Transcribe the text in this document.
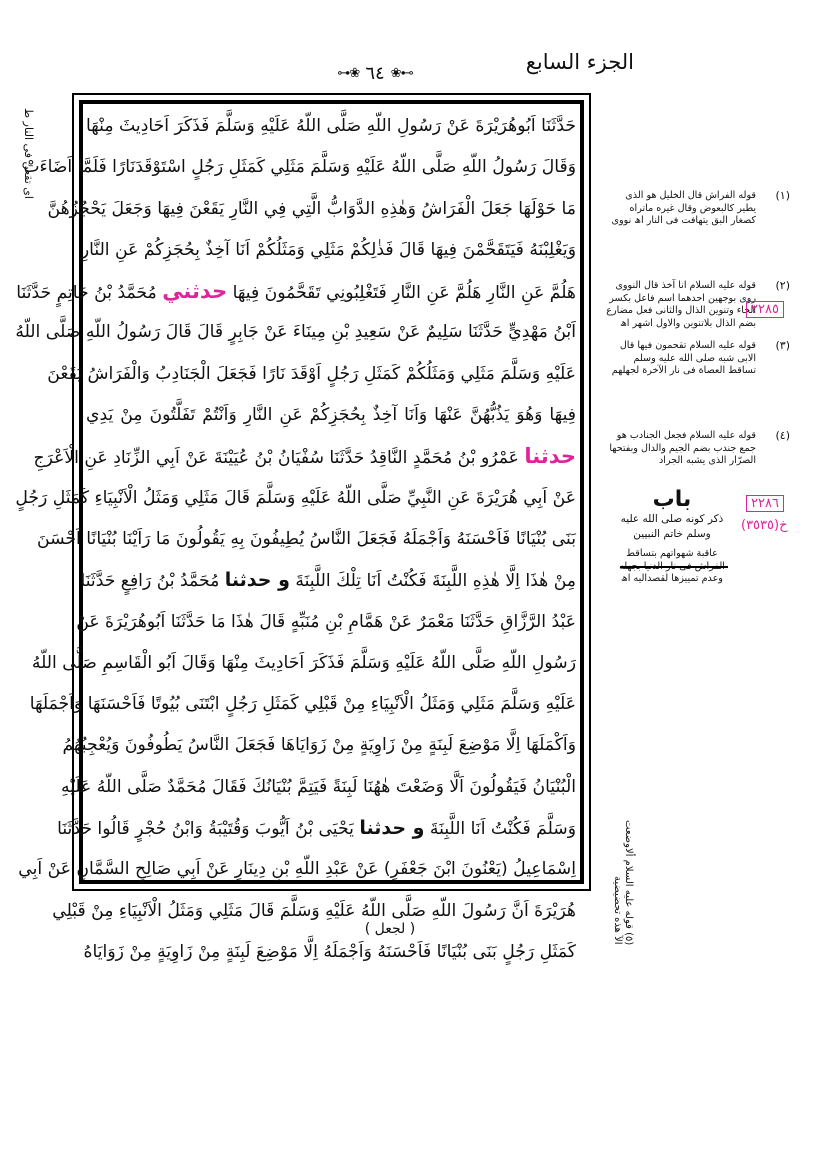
الجزء السابع
⊶❀ ٦٤ ❀⊷
ای تقعن فی النار ط	حَدَّثَنَا اَبُوهُرَيْرَةَ عَنْ رَسُولِ اللّهِ صَلَّى اللّهُ عَلَيْهِ وَسَلَّمَ فَذَكَرَ اَحَادِيثَ مِنْهَا
وَقَالَ رَسُولُ اللّهِ صَلَّى اللّهُ عَلَيْهِ وَسَلَّمَ مَثَلِي كَمَثَلِ رَجُلٍ اسْتَوْقَدَنَارًا فَلَمَّا اَضَاءَتْ
مَا حَوْلَهَا جَعَلَ الْفَرَاشُ وَهٰذِهِ الدَّوَابُّ الَّتِي فِي النَّارِ يَقَعْنَ فِيهَا وَجَعَلَ يَحْجُزُهُنَّ
وَيَغْلِبْنَهُ فَيَتَقَحَّمْنَ فِيهَا قَالَ فَذٰلِكُمْ مَثَلِي وَمَثَلُكُمْ اَنَا آخِذٌ بِحُجَزِكُمْ عَنِ النَّارِ
هَلُمَّ عَنِ النَّارِ هَلُمَّ عَنِ النَّارِ فَتَغْلِبُونِي تَقَحَّمُونَ فِيهَا حدثني مُحَمَّدُ بْنُ حَاتِمٍ حَدَّثَنَا
اَبْنُ مَهْدِيٍّ حَدَّثَنَا سَلِيمٌ عَنْ سَعِيدِ بْنِ مِينَاءَ عَنْ جَابِرٍ قَالَ قَالَ رَسُولُ اللّهِ صَلَّى اللّهُ
عَلَيْهِ وَسَلَّمَ مَثَلِي وَمَثَلُكُمْ كَمَثَلِ رَجُلٍ اَوْقَدَ نَارًا فَجَعَلَ الْجَنَادِبُ وَالْفَرَاشُ يَقَعْنَ
فِيهَا وَهُوَ يَذُبُّهُنَّ عَنْهَا وَاَنَا آخِذٌ بِحُجَزِكُمْ عَنِ النَّارِ وَاَنْتُمْ تَفَلَّتُونَ مِنْ يَدِي
حدثنا عَمْرُو بْنُ مُحَمَّدٍ النَّاقِدُ حَدَّثَنَا سُفْيَانُ بْنُ عُيَيْنَةَ عَنْ اَبِي الزِّنَادِ عَنِ الْاَعْرَجِ
عَنْ اَبِي هُرَيْرَةَ عَنِ النَّبِيِّ صَلَّى اللّهُ عَلَيْهِ وَسَلَّمَ قَالَ مَثَلِي وَمَثَلُ الْاَنْبِيَاءِ كَمَثَلِ رَجُلٍ
بَنَى بُنْيَانًا فَاَحْسَنَهُ وَاَجْمَلَهُ فَجَعَلَ النَّاسُ يُطِيفُونَ بِهِ يَقُولُونَ مَا رَاَيْنَا بُنْيَانًا اَحْسَنَ
مِنْ هٰذَا اِلَّا هٰذِهِ اللَّبِنَةَ فَكُنْتُ اَنَا تِلْكَ اللَّبِنَةَ و حدثنا مُحَمَّدُ بْنُ رَافِعٍ حَدَّثَنَا
عَبْدُ الرَّزَّاقِ حَدَّثَنَا مَعْمَرٌ عَنْ هَمَّامِ بْنِ مُنَبِّهٍ قَالَ هٰذَا مَا حَدَّثَنَا اَبُوهُرَيْرَةَ عَنْ
رَسُولِ اللّهِ صَلَّى اللّهُ عَلَيْهِ وَسَلَّمَ فَذَكَرَ اَحَادِيثَ مِنْهَا وَقَالَ اَبُو الْقَاسِمِ صَلَّى اللّهُ
عَلَيْهِ وَسَلَّمَ مَثَلِي وَمَثَلُ الْاَنْبِيَاءِ مِنْ قَبْلِي كَمَثَلِ رَجُلٍ ابْتَنَى بُيُوتًا فَاَحْسَنَهَا وَاَجْمَلَهَا
وَاَكْمَلَهَا اِلَّا مَوْضِعَ لَبِنَةٍ مِنْ زَاوِيَةٍ مِنْ زَوَايَاهَا فَجَعَلَ النَّاسُ يَطُوفُونَ وَيُعْجِبُهُمُ
الْبُنْيَانُ فَيَقُولُونَ اَلَّا وَضَعْتَ هٰهُنَا لَبِنَةً فَيَتِمَّ بُنْيَانُكَ فَقَالَ مُحَمَّدٌ صَلَّى اللّهُ عَلَيْهِ
وَسَلَّمَ فَكُنْتُ اَنَا اللَّبِنَةَ و حدثنا يَحْيَى بْنُ اَيُّوبَ وَقُتَيْبَةُ وَابْنُ حُجْرٍ قَالُوا حَدَّثَنَا
اِسْمَاعِيلُ (يَعْنُونَ ابْنَ جَعْفَرٍ) عَنْ عَبْدِ اللّهِ بْنِ دِينَارٍ عَنْ اَبِي صَالِحٍ السَّمَّانِ عَنْ اَبِي
هُرَيْرَةَ اَنَّ رَسُولَ اللّهِ صَلَّى اللّهُ عَلَيْهِ وَسَلَّمَ قَالَ مَثَلِي وَمَثَلُ الْاَنْبِيَاءِ مِنْ قَبْلِي
كَمَثَلِ رَجُلٍ بَنَى بُنْيَانًا فَاَحْسَنَهُ وَاَجْمَلَهُ اِلَّا مَوْضِعَ لَبِنَةٍ مِنْ زَاوِيَةٍ مِنْ زَوَايَاهُ
(١)
قوله الفراش قال الخليل هو الذى يطير كالبعوض وقال غيره ماتراه كصغار البق يتهافت فى النار اھ نووى
(٢)
قوله عليه السلام انا آخذ قال النووى روى بوجهين احدهما اسم فاعل بكسر الخاء وتنوين الذال والثانى فعل مضارع بضم الذال بلاتنوين والاول اشهر اھ
(٣)
قوله عليه السلام تقحمون فيها قال الابى شبه صلى الله عليه وسلم تساقط العصاة فى نار الآخرة لجهلهم
(٤)
قوله عليه السلام فجعل الجنادب هو جمع جندب بضم الجيم والدال وبفتحها الصرّار الذى يشبه الجراد
٢٢٨٥
٢٢٨٦
خ(٣٥٣٥)
باب
ذكر كونه صلى الله عليه وسلم خاتم النبيين
عاقبة شهواتهم بتساقط وعدم تمييزها لقصدالیه اھ
(٥) قوله عليه السلام ألاوضعت الآ هذه تحضيضية
( لجعل )
